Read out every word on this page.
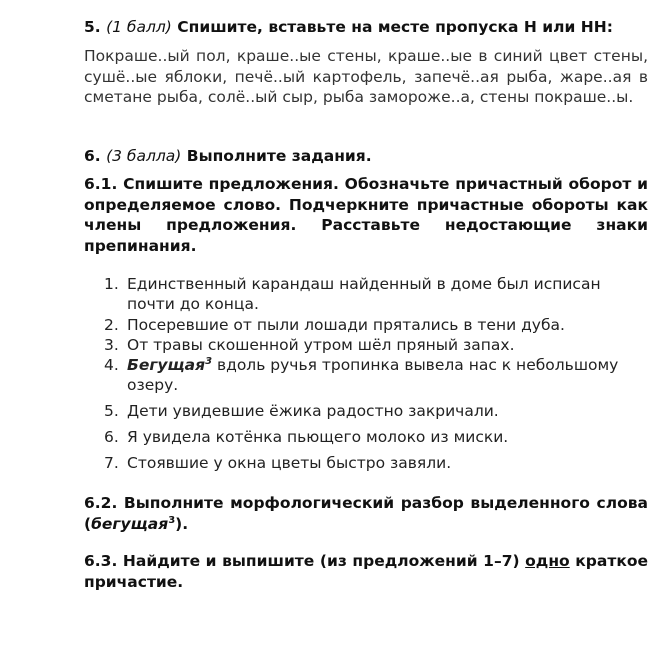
5. (1 балл) Спишите, вставьте на месте пропуска Н или НН:
Покраше..ый пол, краше..ые стены, краше..ые в синий цвет стены, сушё..ые яблоки, печё..ый картофель, запечё..ая рыба, жаре..ая в сметане рыба, солё..ый сыр, рыба замороже..а, стены покраше..ы.
6. (3 балла) Выполните задания.
6.1. Спишите предложения. Обозначьте причастный оборот и определяемое слово. Подчеркните причастные обороты как члены предложения. Расставьте недостающие знаки препинания.
1. Единственный карандаш найденный в доме был исписан почти до конца.
2. Посеревшие от пыли лошади прятались в тени дуба.
3. От травы скошенной утром шёл пряный запах.
4. Бегущая$^3$ вдоль ручья тропинка вывела нас к небольшому озеру.
5. Дети увидевшие ёжика радостно закричали.
6. Я увидела котёнка пьющего молоко из миски.
7. Стоявшие у окна цветы быстро завяли.
6.2. Выполните морфологический разбор выделенного слова (бегущая$^3$).
6.3. Найдите и выпишите (из предложений 1–7) одно краткое причастие.
